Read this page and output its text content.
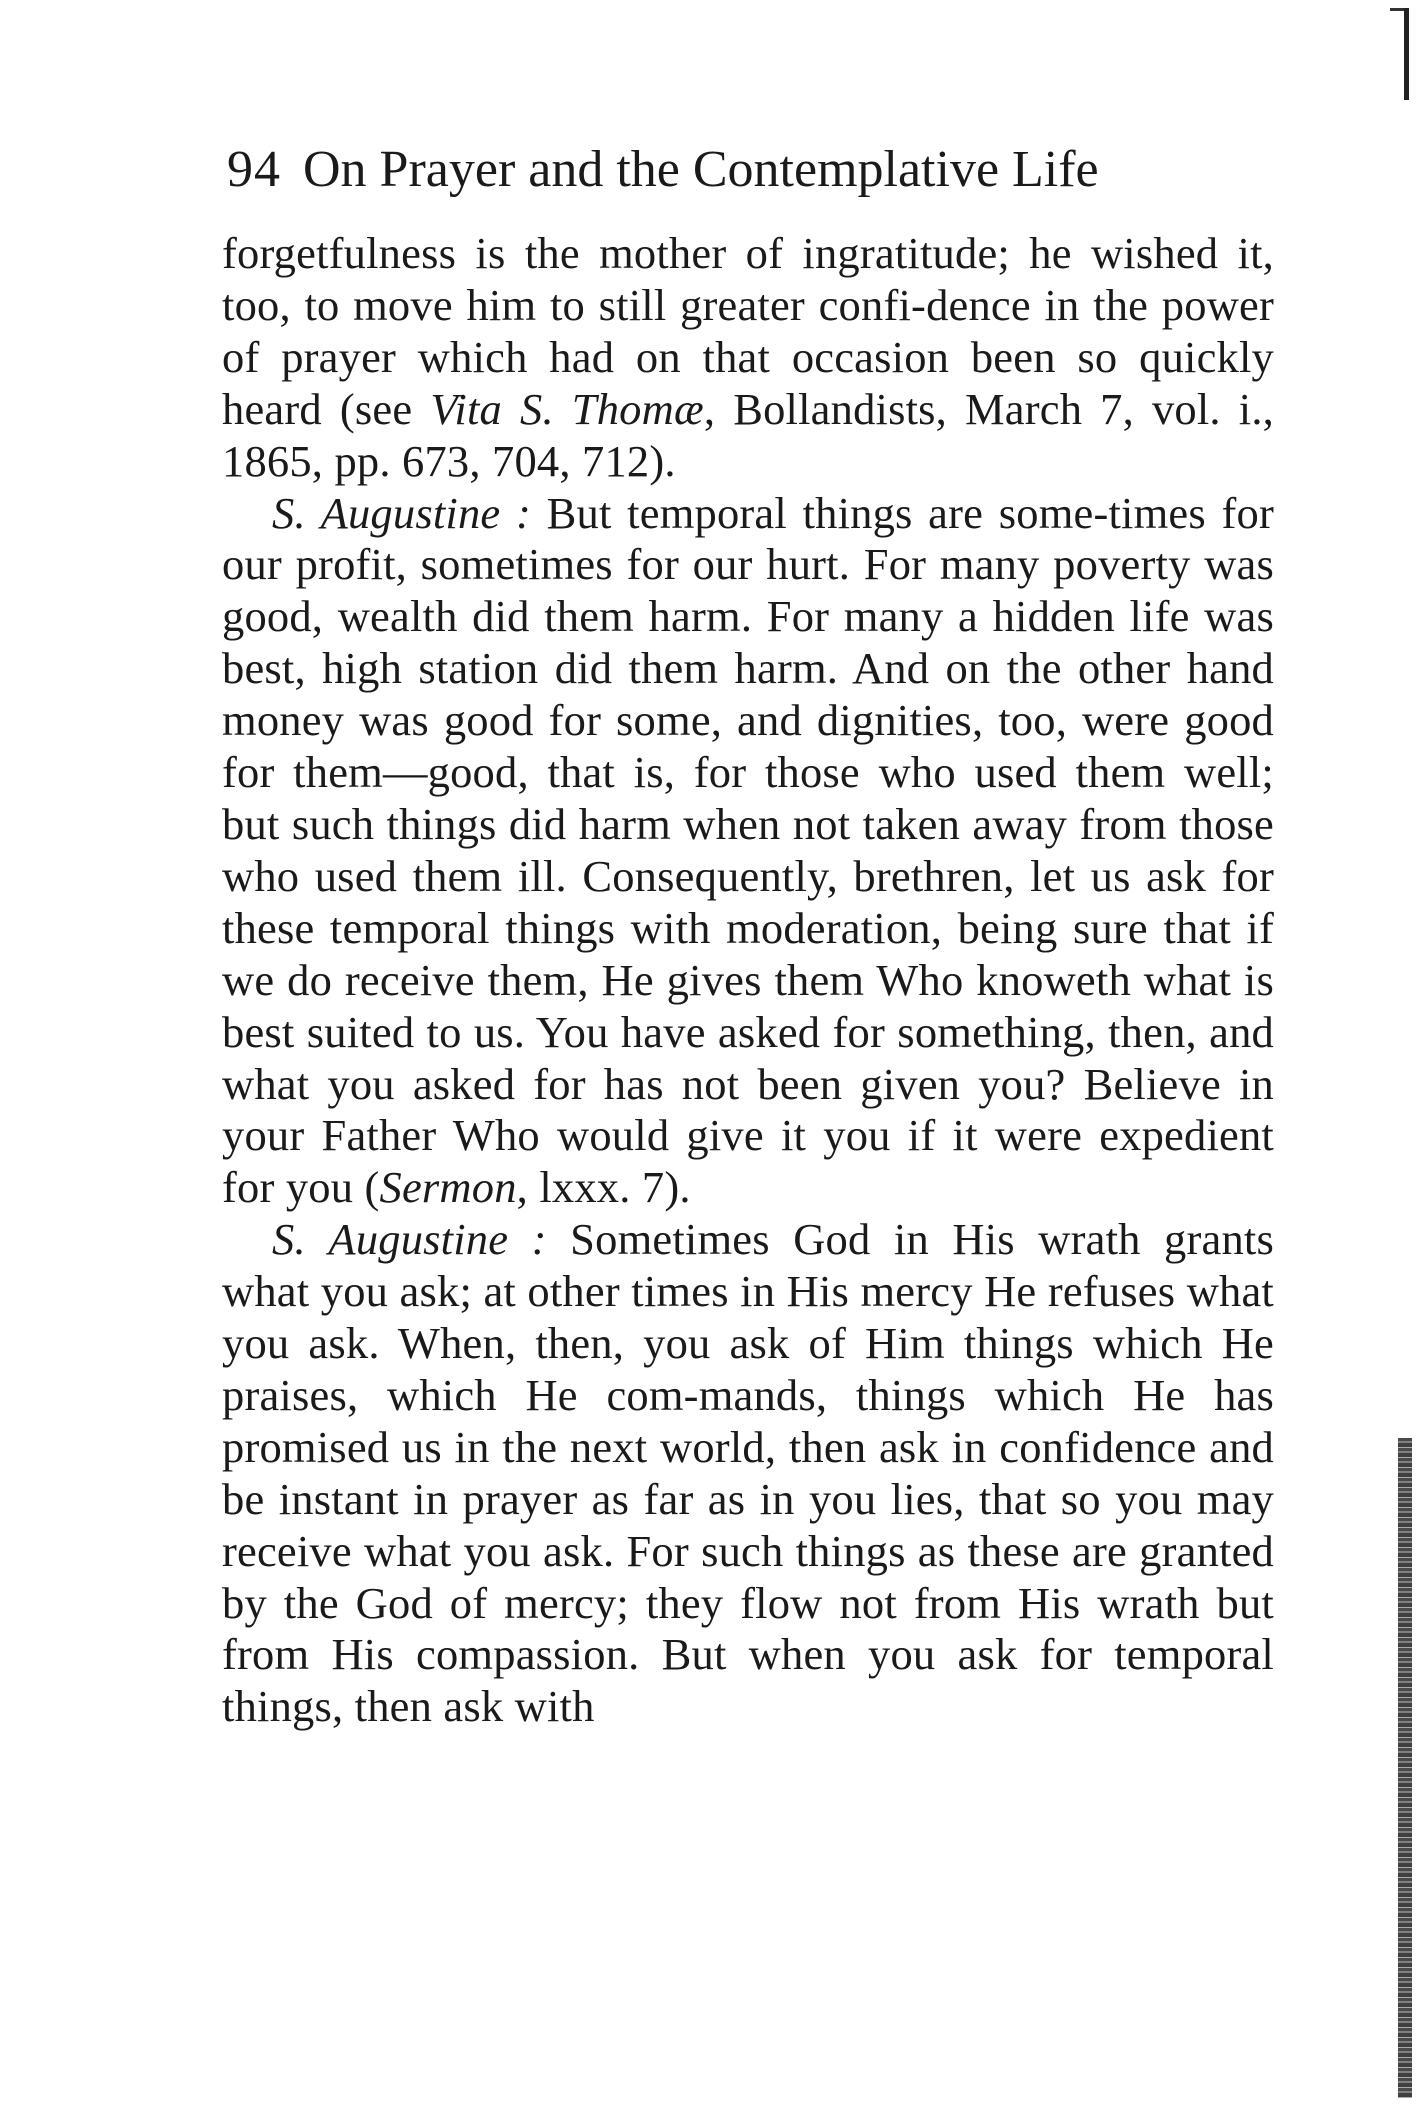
94 On Prayer and the Contemplative Life

forgetfulness is the mother of ingratitude; he wished it, too, to move him to still greater confi-dence in the power of prayer which had on that occasion been so quickly heard (see Vita S. Thomæ, Bollandists, March 7, vol. i., 1865, pp. 673, 704, 712).

S. Augustine : But temporal things are some-times for our profit, sometimes for our hurt. For many poverty was good, wealth did them harm. For many a hidden life was best, high station did them harm. And on the other hand money was good for some, and dignities, too, were good for them—good, that is, for those who used them well; but such things did harm when not taken away from those who used them ill. Consequently, brethren, let us ask for these temporal things with moderation, being sure that if we do receive them, He gives them Who knoweth what is best suited to us. You have asked for something, then, and what you asked for has not been given you? Believe in your Father Who would give it you if it were expedient for you (Sermon, lxxx. 7).

S. Augustine : Sometimes God in His wrath grants what you ask; at other times in His mercy He refuses what you ask. When, then, you ask of Him things which He praises, which He com-mands, things which He has promised us in the next world, then ask in confidence and be instant in prayer as far as in you lies, that so you may receive what you ask. For such things as these are granted by the God of mercy; they flow not from His wrath but from His compassion. But when you ask for temporal things, then ask with
